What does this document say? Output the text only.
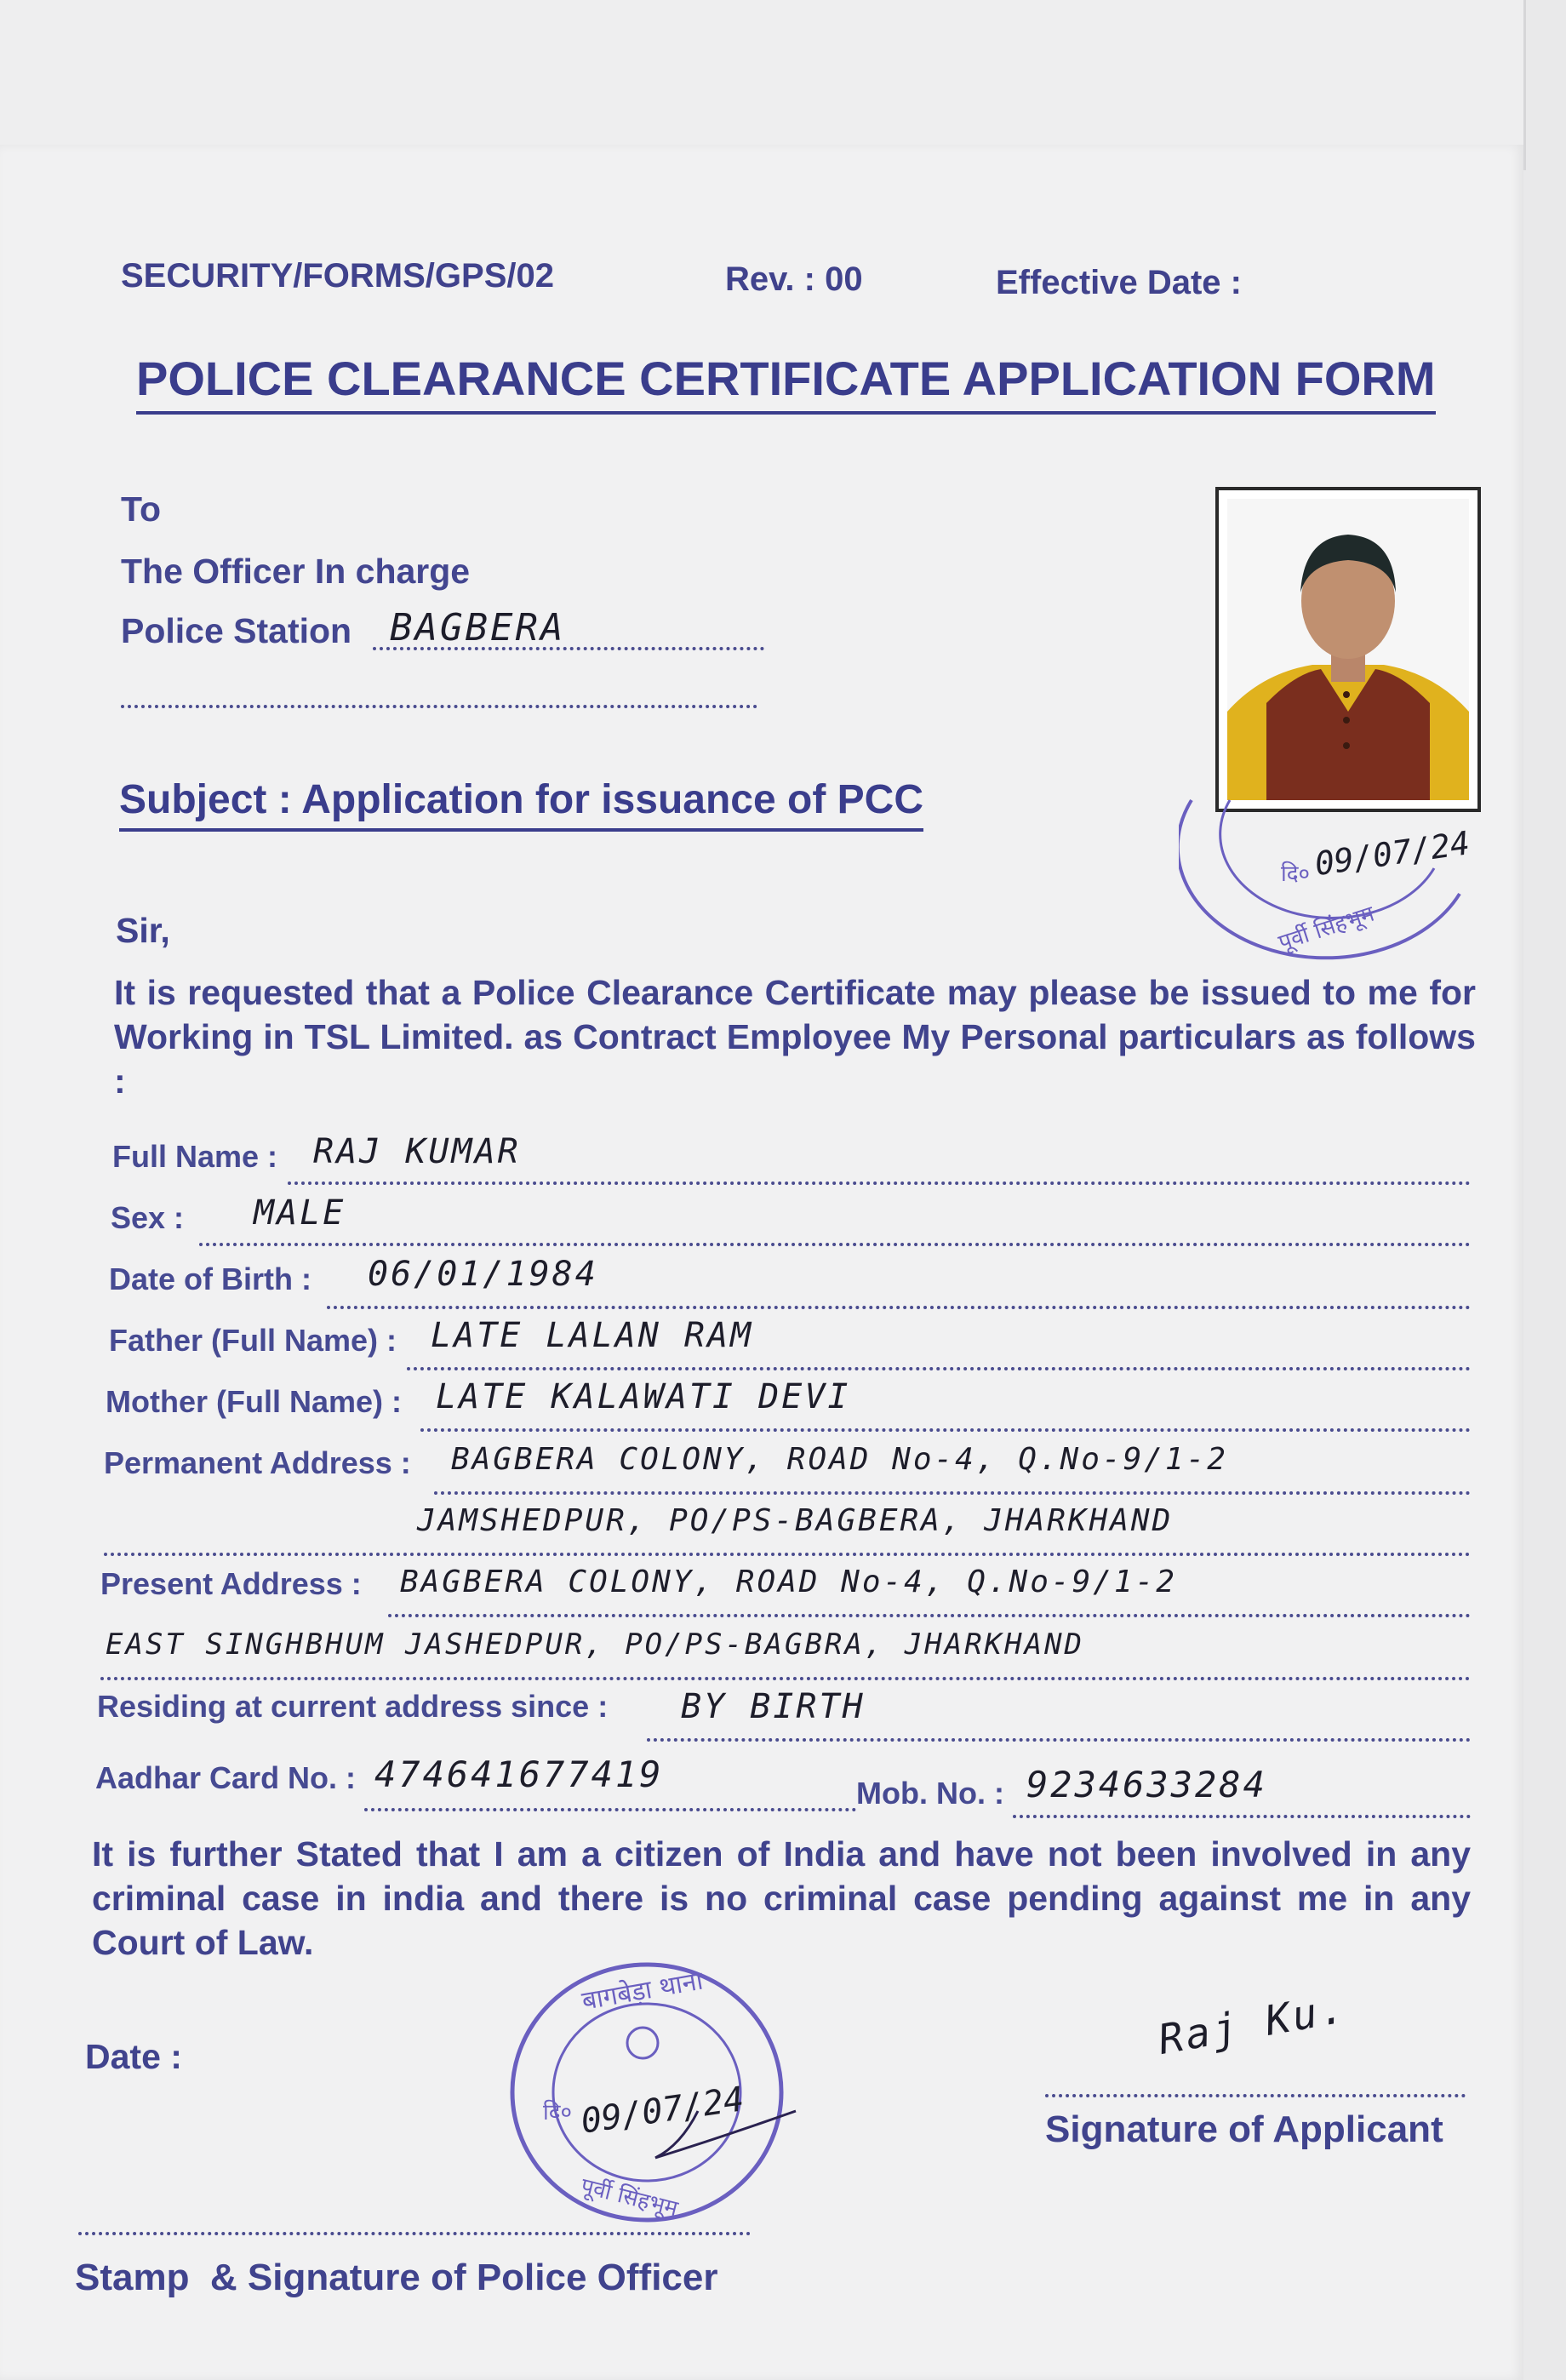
SECURITY/FORMS/GPS/02	Rev. : 00	Effective Date :
POLICE CLEARANCE CERTIFICATE APPLICATION FORM
To
The Officer In charge
Police Station BAGBERA
पूर्वी सिंहभूम
दि० 09/07/24
Subject : Application for issuance of PCC
Sir,
It is requested that a Police Clearance Certificate may please be issued to me for Working in TSL Limited. as Contract Employee My Personal particulars as follows :
Full Name : RAJ KUMAR
Sex : MALE
Date of Birth : 06/01/1984
Father (Full Name) : LATE LALAN RAM
Mother (Full Name) : LATE KALAWATI DEVI
Permanent Address : BAGBERA COLONY, ROAD No-4, Q.No-9/1-2
JAMSHEDPUR, PO/PS-BAGBERA, JHARKHAND
Present Address : BAGBERA COLONY, ROAD No-4, Q.No-9/1-2
EAST SINGHBHUM JASHEDPUR, PO/PS-BAGBRA, JHARKHAND
Residing at current address since : BY BIRTH
Aadhar Card No. : 474641677419	Mob. No. : 9234633284
It is further Stated that I am a citizen of India and have not been involved in any criminal case in india and there is no criminal case pending against me in any Court of Law.
Date :
बागबेड़ा थाना
पूर्वी सिंहभूम
दि० 09/07/24
Raj Ku.
Signature of Applicant
Stamp  & Signature of Police Officer
